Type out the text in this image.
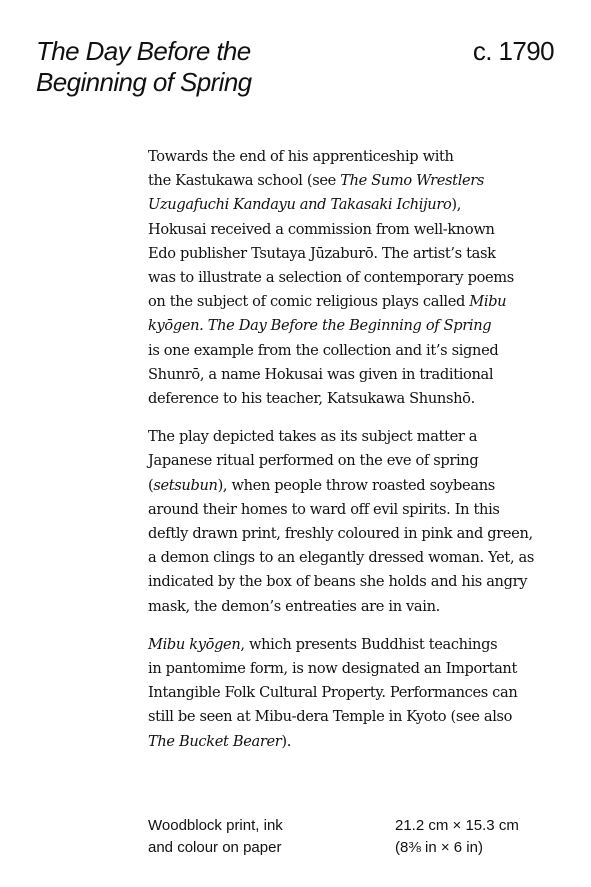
The Day Before the
Beginning of Spring
c. 1790

Towards the end of his apprenticeship with
the Kastukawa school (see The Sumo Wrestlers
Uzugafuchi Kandayu and Takasaki Ichijuro),
Hokusai received a commission from well-known
Edo publisher Tsutaya Jūzaburō. The artist’s task
was to illustrate a selection of contemporary poems
on the subject of comic religious plays called Mibu
kyōgen. The Day Before the Beginning of Spring
is one example from the collection and it’s signed
Shunrō, a name Hokusai was given in traditional
deference to his teacher, Katsukawa Shunshō.

The play depicted takes as its subject matter a
Japanese ritual performed on the eve of spring
(setsubun), when people throw roasted soybeans
around their homes to ward off evil spirits. In this
deftly drawn print, freshly coloured in pink and green,
a demon clings to an elegantly dressed woman. Yet, as
indicated by the box of beans she holds and his angry
mask, the demon’s entreaties are in vain.

Mibu kyōgen, which presents Buddhist teachings
in pantomime form, is now designated an Important
Intangible Folk Cultural Property. Performances can
still be seen at Mibu-dera Temple in Kyoto (see also
The Bucket Bearer).

Woodblock print, ink
and colour on paper
21.2 cm × 15.3 cm
(8⅜ in × 6 in)
